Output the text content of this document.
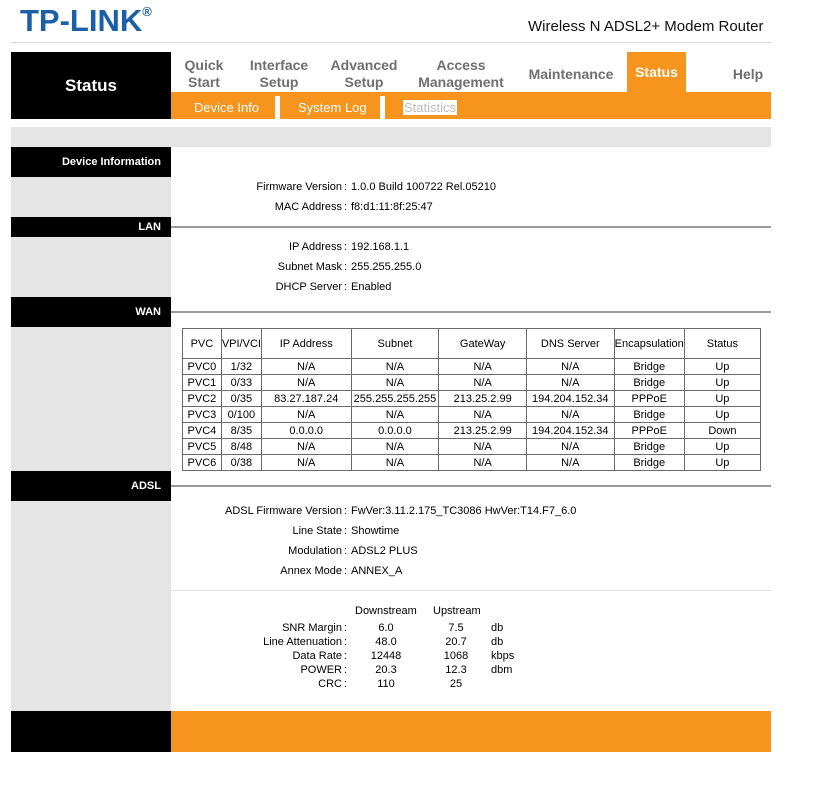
TP-LINK®
Wireless N ADSL2+ Modem Router
Status
Quick
Start
Interface
Setup
Advanced
Setup
Access
Management
Maintenance Status	Help
Device Info	System Log	Statistics
Device Information
Firmware Version : 1.0.0 Build 100722 Rel.05210
MAC Address : f8:d1:11:8f:25:47
LAN
IP Address : 192.168.1.1
Subnet Mask : 255.255.255.0
DHCP Server : Enabled
WAN
PVC	VPI/VCI	IP Address	Subnet	GateWay	DNS Server	Encapsulation	Status
PVC0	1/32	N/A	N/A	N/A	N/A	Bridge	Up
PVC1	0/33	N/A	N/A	N/A	N/A	Bridge	Up
PVC2	0/35	83.27.187.24	255.255.255.255	213.25.2.99	194.204.152.34	PPPoE	Up
PVC3	0/100	N/A	N/A	N/A	N/A	Bridge	Up
PVC4	8/35	0.0.0.0	0.0.0.0	213.25.2.99	194.204.152.34	PPPoE	Down
PVC5	8/48	N/A	N/A	N/A	N/A	Bridge	Up
PVC6	0/38	N/A	N/A	N/A	N/A	Bridge	Up
ADSL
ADSL Firmware Version : FwVer:3.11.2.175_TC3086 HwVer:T14.F7_6.0
Line State : Showtime
Modulation : ADSL2 PLUS
Annex Mode : ANNEX_A
Downstream Upstream
SNR Margin :	6.0	7.5	db
Line Attenuation :	48.0	20.7	db
Data Rate :	12448	1068	kbps
POWER :	20.3	12.3	dbm
CRC :	110	25
